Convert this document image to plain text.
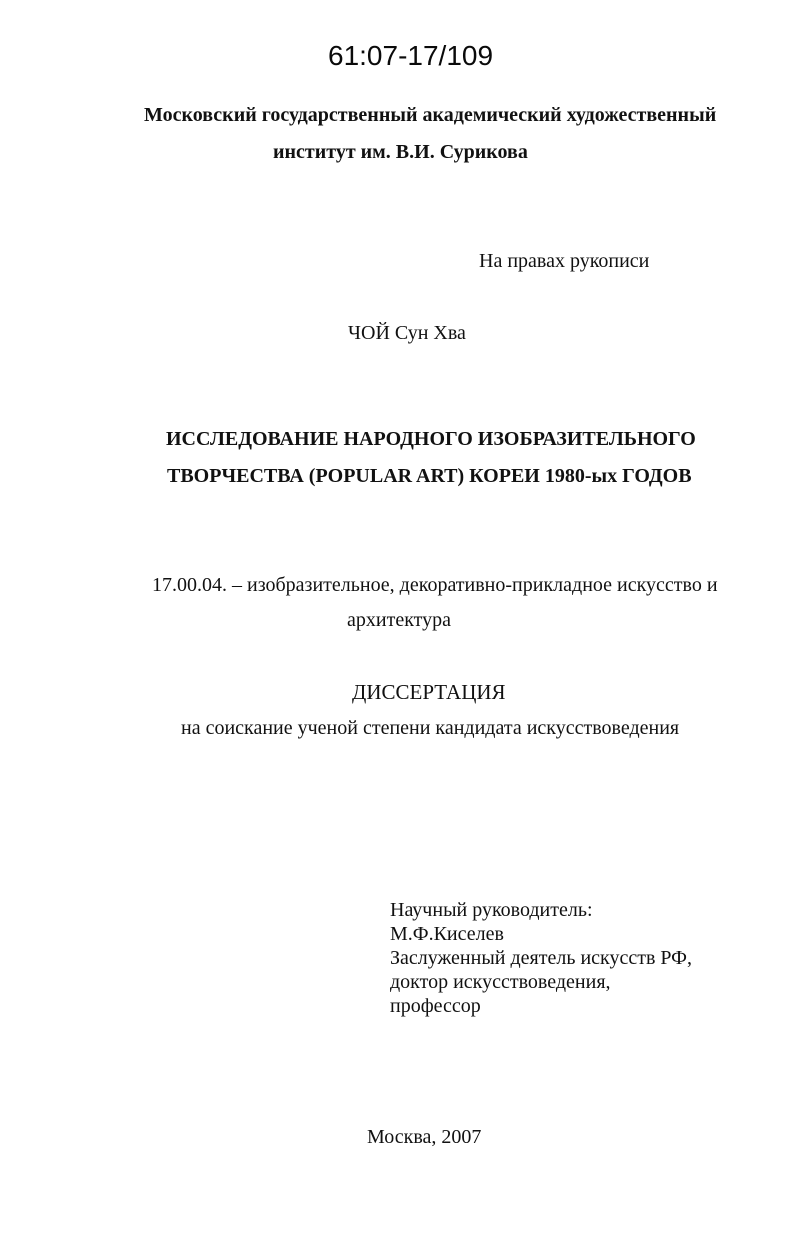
61:07-17/109
Московский государственный академический художественный
институт им. В.И. Сурикова
На правах рукописи
ЧОЙ Сун Хва
ИССЛЕДОВАНИЕ НАРОДНОГО ИЗОБРАЗИТЕЛЬНОГО
ТВОРЧЕСТВА (POPULAR ART) КОРЕИ 1980-ых ГОДОВ
17.00.04. – изобразительное, декоративно-прикладное искусство и
архитектура
ДИССЕРТАЦИЯ
на соискание ученой степени кандидата искусствоведения
Научный руководитель:
М.Ф.Киселев
Заслуженный деятель искусств РФ,
доктор искусствоведения,
профессор
Москва, 2007
